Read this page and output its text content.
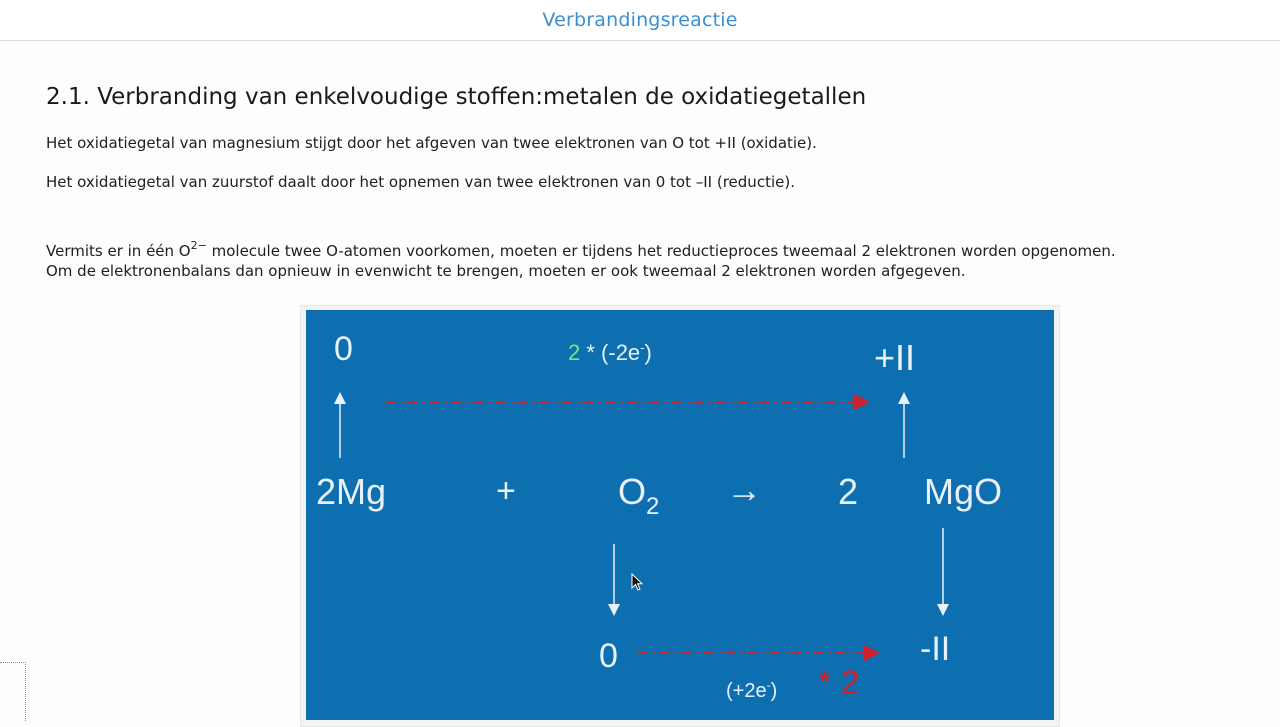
Verbrandingsreactie
2.1. Verbranding van enkelvoudige stoffen:metalen de oxidatiegetallen

Het oxidatiegetal van magnesium stijgt door het afgeven van twee elektronen van O tot +II (oxidatie).

Het oxidatiegetal van zuurstof daalt door het opnemen van twee elektronen van 0 tot –II (reductie).

Vermits er in één $O^{2-}$ molecule twee O-atomen voorkomen, moeten er tijdens het reductieproces tweemaal 2 elektronen worden opgenomen.
Om de elektronenbalans dan opnieuw in evenwicht te brengen, moeten er ook tweemaal 2 elektronen worden afgegeven.

0	+II
2 * (-2e-)
2Mg	+	$O_2 \to 2$ MgO
0	-II
(+2e-) * 2
